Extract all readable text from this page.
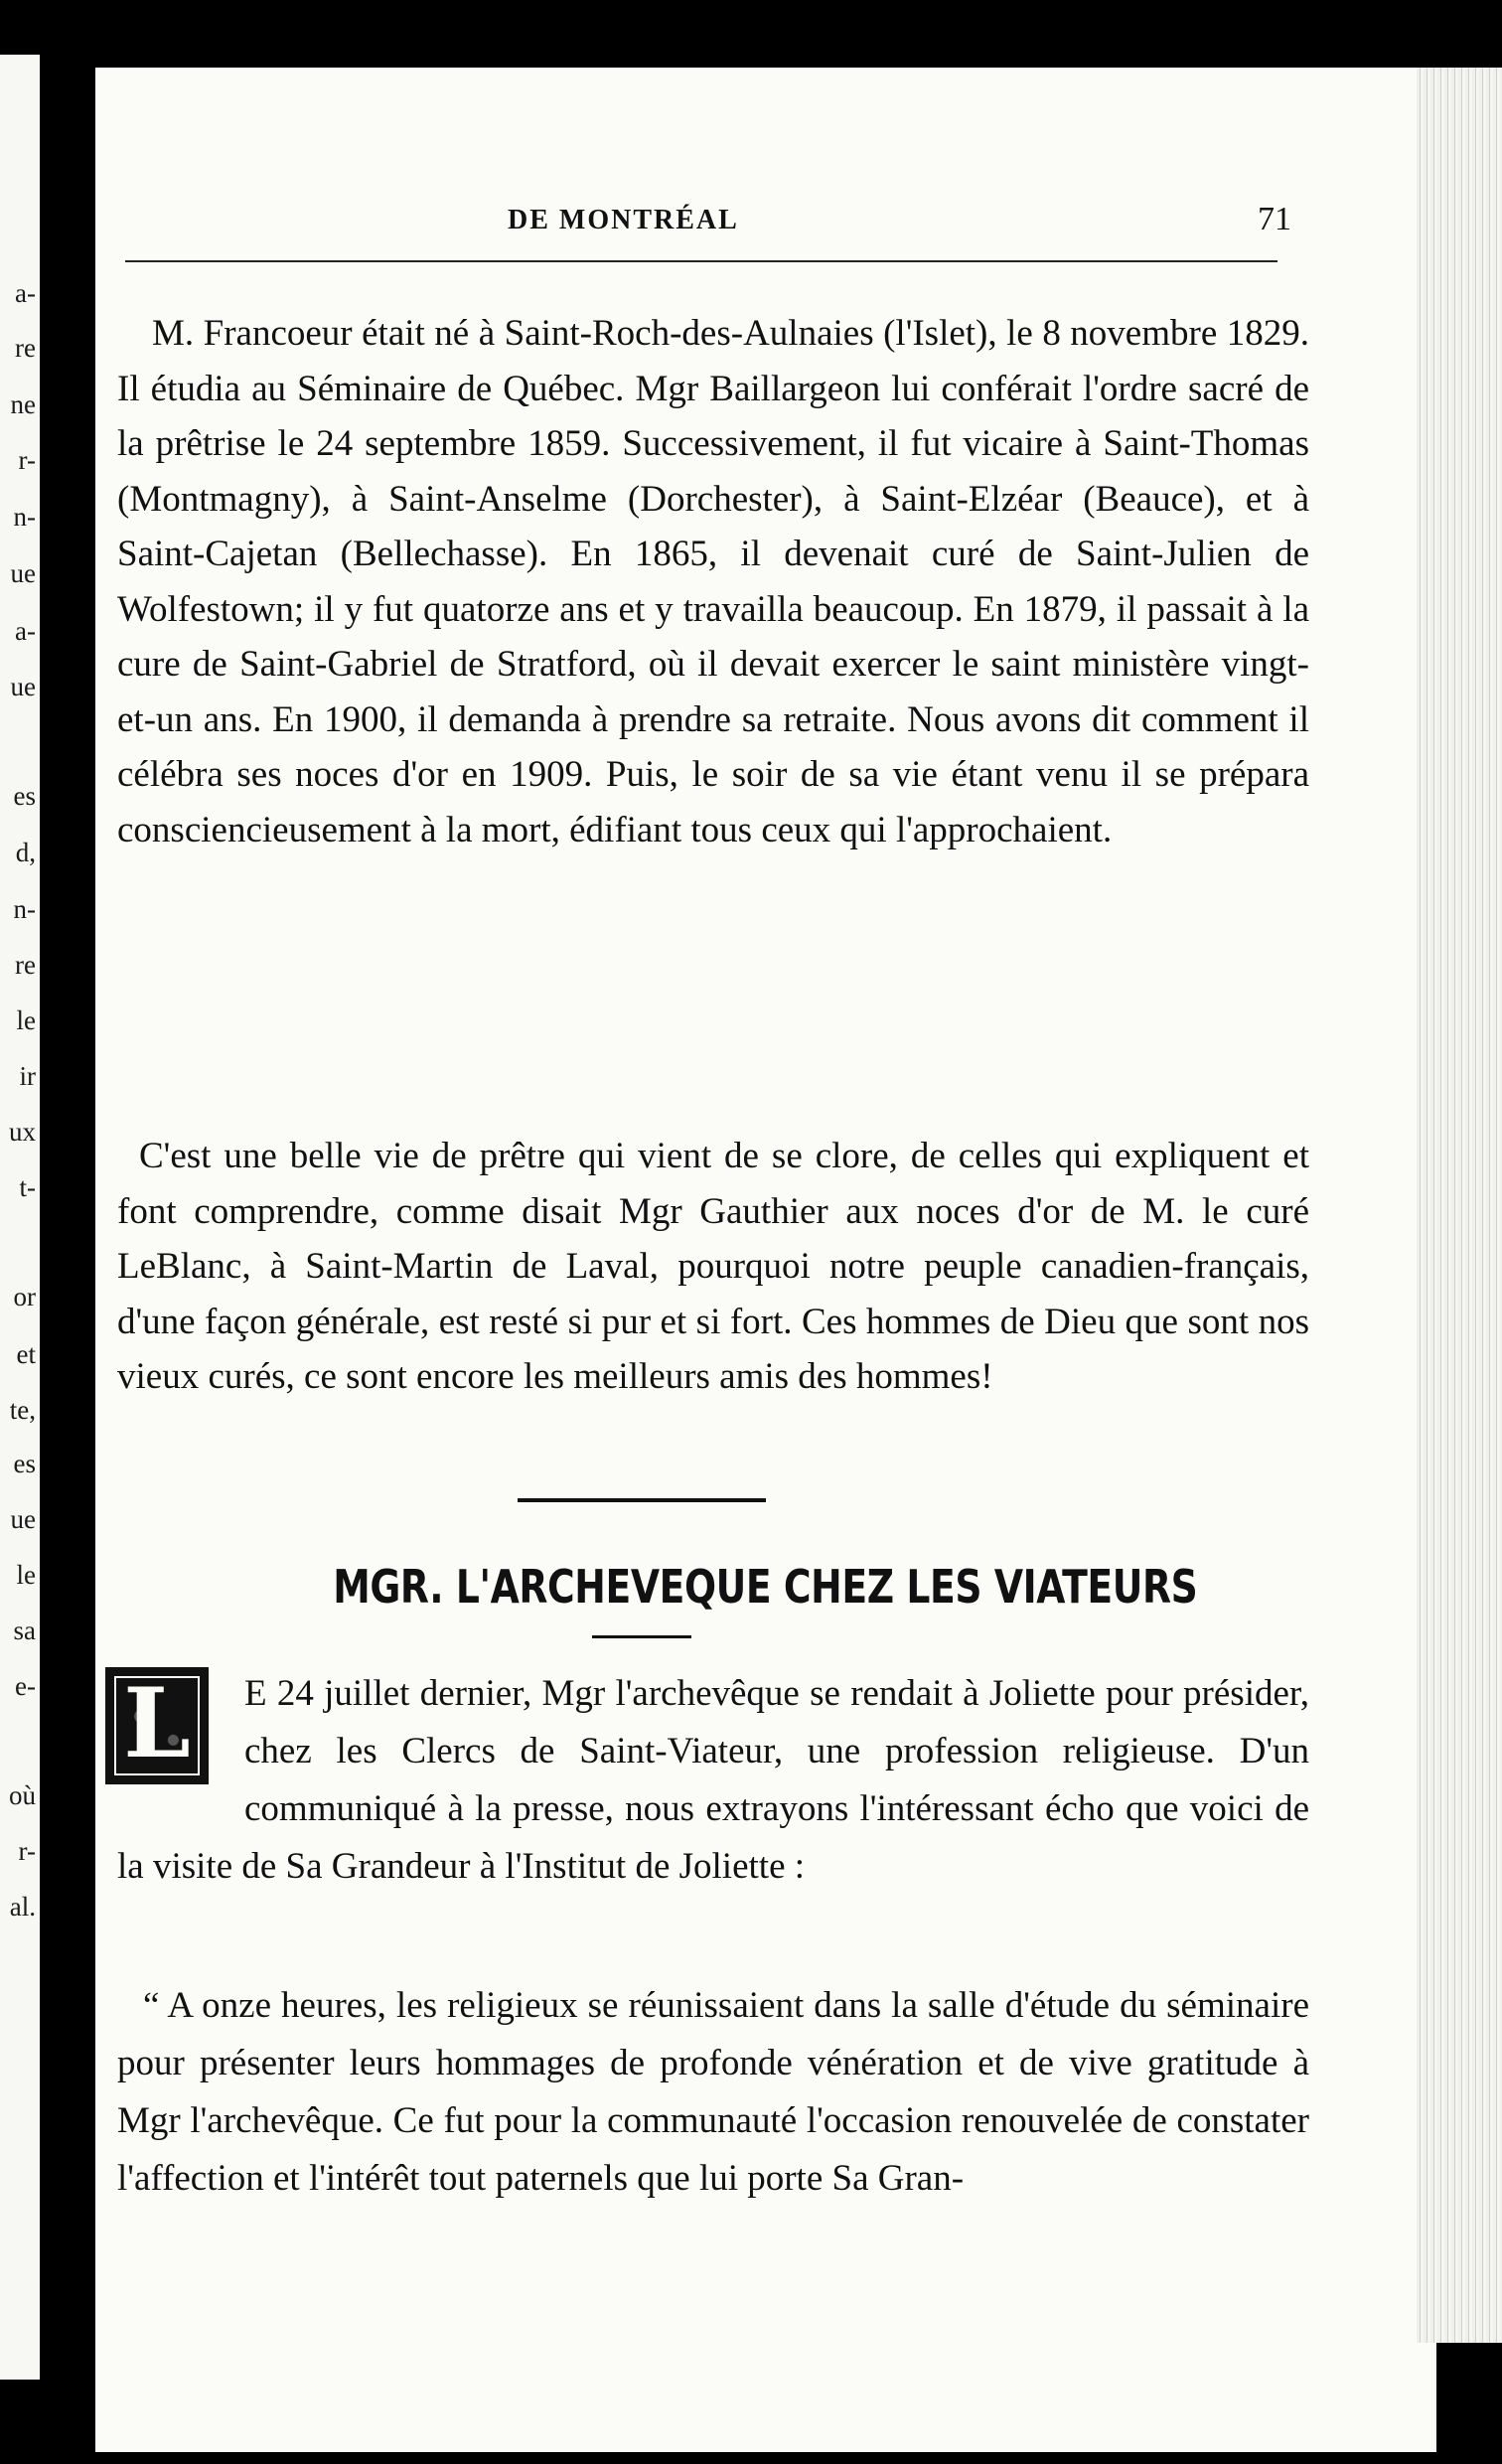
a-
re
ne
r-
n-
ue
a-
ue
es
d,
n-
re
le
ir
ux
t-
or
et
te,
es
ue
le
sa
e-
où
r-
al.
DE MONTRÉAL	71

M. Francoeur était né à Saint-Roch-des-Aulnaies (l'Islet), le 8 novembre 1829. Il étudia au Séminaire de Québec. Mgr Baillargeon lui conférait l'ordre sacré de la prêtrise le 24 septembre 1859. Successivement, il fut vicaire à Saint-Thomas (Montmagny), à Saint-Anselme (Dorchester), à Saint-Elzéar (Beauce), et à Saint-Cajetan (Bellechasse). En 1865, il devenait curé de Saint-Julien de Wolfestown; il y fut quatorze ans et y travailla beaucoup. En 1879, il passait à la cure de Saint-Gabriel de Stratford, où il devait exercer le saint ministère vingt-et-un ans. En 1900, il demanda à prendre sa retraite. Nous avons dit comment il célébra ses noces d'or en 1909. Puis, le soir de sa vie étant venu il se prépara consciencieusement à la mort, édifiant tous ceux qui l'approchaient.

C'est une belle vie de prêtre qui vient de se clore, de celles qui expliquent et font comprendre, comme disait Mgr Gauthier aux noces d'or de M. le curé LeBlanc, à Saint-Martin de Laval, pourquoi notre peuple canadien-français, d'une façon générale, est resté si pur et si fort. Ces hommes de Dieu que sont nos vieux curés, ce sont encore les meilleurs amis des hommes!

MGR. L'ARCHEVEQUE CHEZ LES VIATEURS
L	E 24 juillet dernier, Mgr l'archevêque se rendait à Joliette pour présider, chez les Clercs de Saint-Viateur, une profession religieuse. D'un communiqué à la presse, nous extrayons l'intéressant écho que voici de la visite de Sa Grandeur à l'Institut de Joliette :

“ A onze heures, les religieux se réunissaient dans la salle d'étude du séminaire pour présenter leurs hommages de profonde vénération et de vive gratitude à Mgr l'archevêque. Ce fut pour la communauté l'occasion renouvelée de constater l'affection et l'intérêt tout paternels que lui porte Sa Gran-
